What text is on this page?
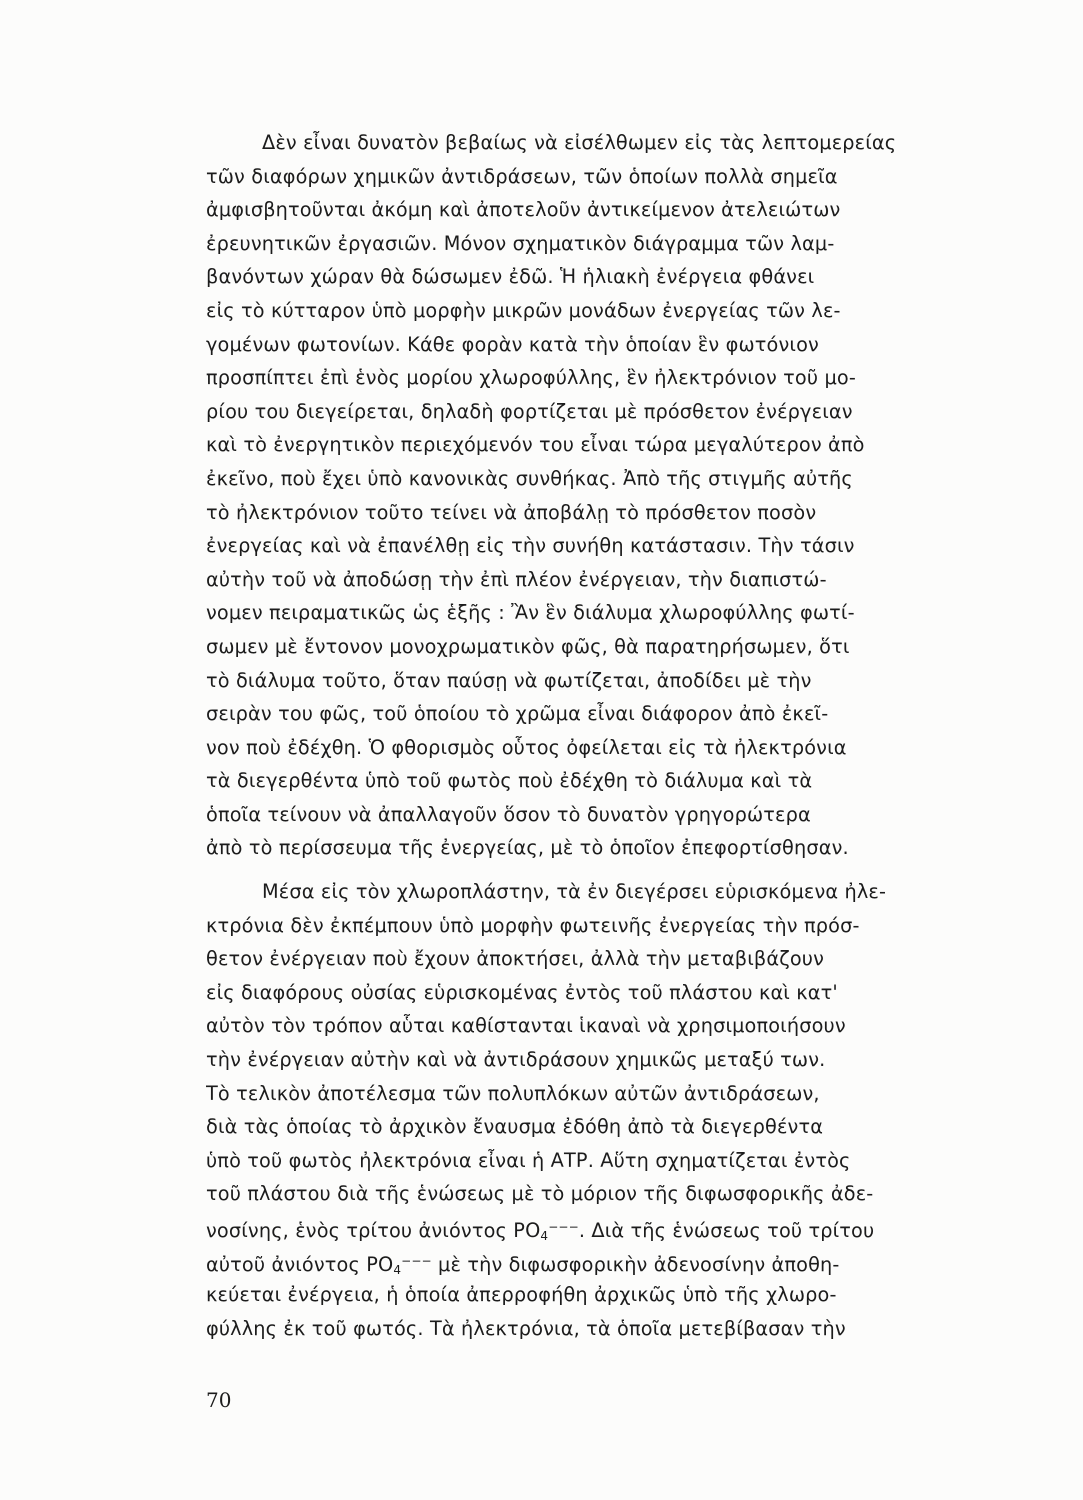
Δὲν εἶναι δυνατὸν βεβαίως νὰ εἰσέλθωμεν εἰς τὰς λεπτομερείας
τῶν διαφόρων χημικῶν ἀντιδράσεων, τῶν ὁποίων πολλὰ σημεῖα
ἀμφισβητοῦνται ἀκόμη καὶ ἀποτελοῦν ἀντικείμενον ἀτελειώτων
ἐρευνητικῶν ἐργασιῶν. Μόνον σχηματικὸν διάγραμμα τῶν λαμ-
βανόντων χώραν θὰ δώσωμεν ἐδῶ. Ἡ ἡλιακὴ ἐνέργεια φθάνει
εἰς τὸ κύτταρον ὑπὸ μορφὴν μικρῶν μονάδων ἐνεργείας τῶν λε-
γομένων φωτονίων. Κάθε φορὰν κατὰ τὴν ὁποίαν ἓν φωτόνιον
προσπίπτει ἐπὶ ἑνὸς μορίου χλωροφύλλης, ἓν ἠλεκτρόνιον τοῦ μο-
ρίου του διεγείρεται, δηλαδὴ φορτίζεται μὲ πρόσθετον ἐνέργειαν
καὶ τὸ ἐνεργητικὸν περιεχόμενόν του εἶναι τώρα μεγαλύτερον ἀπὸ
ἐκεῖνο, ποὺ ἔχει ὑπὸ κανονικὰς συνθήκας. Ἀπὸ τῆς στιγμῆς αὐτῆς
τὸ ἠλεκτρόνιον τοῦτο τείνει νὰ ἀποβάλῃ τὸ πρόσθετον ποσὸν
ἐνεργείας καὶ νὰ ἐπανέλθῃ εἰς τὴν συνήθη κατάστασιν. Τὴν τάσιν
αὐτὴν τοῦ νὰ ἀποδώσῃ τὴν ἐπὶ πλέον ἐνέργειαν, τὴν διαπιστώ-
νομεν πειραματικῶς ὡς ἑξῆς : Ἂν ἓν διάλυμα χλωροφύλλης φωτί-
σωμεν μὲ ἔντονον μονοχρωματικὸν φῶς, θὰ παρατηρήσωμεν, ὅτι
τὸ διάλυμα τοῦτο, ὅταν παύσῃ νὰ φωτίζεται, ἀποδίδει μὲ τὴν
σειρὰν του φῶς, τοῦ ὁποίου τὸ χρῶμα εἶναι διάφορον ἀπὸ ἐκεῖ-
νον ποὺ ἐδέχθη. Ὁ φθορισμὸς οὗτος ὀφείλεται εἰς τὰ ἠλεκτρόνια
τὰ διεγερθέντα ὑπὸ τοῦ φωτὸς ποὺ ἐδέχθη τὸ διάλυμα καὶ τὰ
ὁποῖα τείνουν νὰ ἀπαλλαγοῦν ὅσον τὸ δυνατὸν γρηγορώτερα
ἀπὸ τὸ περίσσευμα τῆς ἐνεργείας, μὲ τὸ ὁποῖον ἐπεφορτίσθησαν.
Μέσα εἰς τὸν χλωροπλάστην, τὰ ἐν διεγέρσει εὑρισκόμενα ἠλε-
κτρόνια δὲν ἐκπέμπουν ὑπὸ μορφὴν φωτεινῆς ἐνεργείας τὴν πρόσ-
θετον ἐνέργειαν ποὺ ἔχουν ἀποκτήσει, ἀλλὰ τὴν μεταβιβάζουν
εἰς διαφόρους οὐσίας εὑρισκομένας ἐντὸς τοῦ πλάστου καὶ κατ'
αὐτὸν τὸν τρόπον αὗται καθίστανται ἱκαναὶ νὰ χρησιμοποιήσουν
τὴν ἐνέργειαν αὐτὴν καὶ νὰ ἀντιδράσουν χημικῶς μεταξύ των.
Τὸ τελικὸν ἀποτέλεσμα τῶν πολυπλόκων αὐτῶν ἀντιδράσεων,
διὰ τὰς ὁποίας τὸ ἀρχικὸν ἔναυσμα ἐδόθη ἀπὸ τὰ διεγερθέντα
ὑπὸ τοῦ φωτὸς ἠλεκτρόνια εἶναι ἡ ΑΤΡ. Αὕτη σχηματίζεται ἐντὸς
τοῦ πλάστου διὰ τῆς ἑνώσεως μὲ τὸ μόριον τῆς διφωσφορικῆς ἀδε-
νοσίνης, ἑνὸς τρίτου ἀνιόντος $PO_4^{---}$. Διὰ τῆς ἑνώσεως τοῦ τρίτου
αὐτοῦ ἀνιόντος $PO_4^{---}$ μὲ τὴν διφωσφορικὴν ἀδενοσίνην ἀποθη-
κεύεται ἐνέργεια, ἡ ὁποία ἀπερροφήθη ἀρχικῶς ὑπὸ τῆς χλωρο-
φύλλης ἐκ τοῦ φωτός. Τὰ ἠλεκτρόνια, τὰ ὁποῖα μετεβίβασαν τὴν
70
